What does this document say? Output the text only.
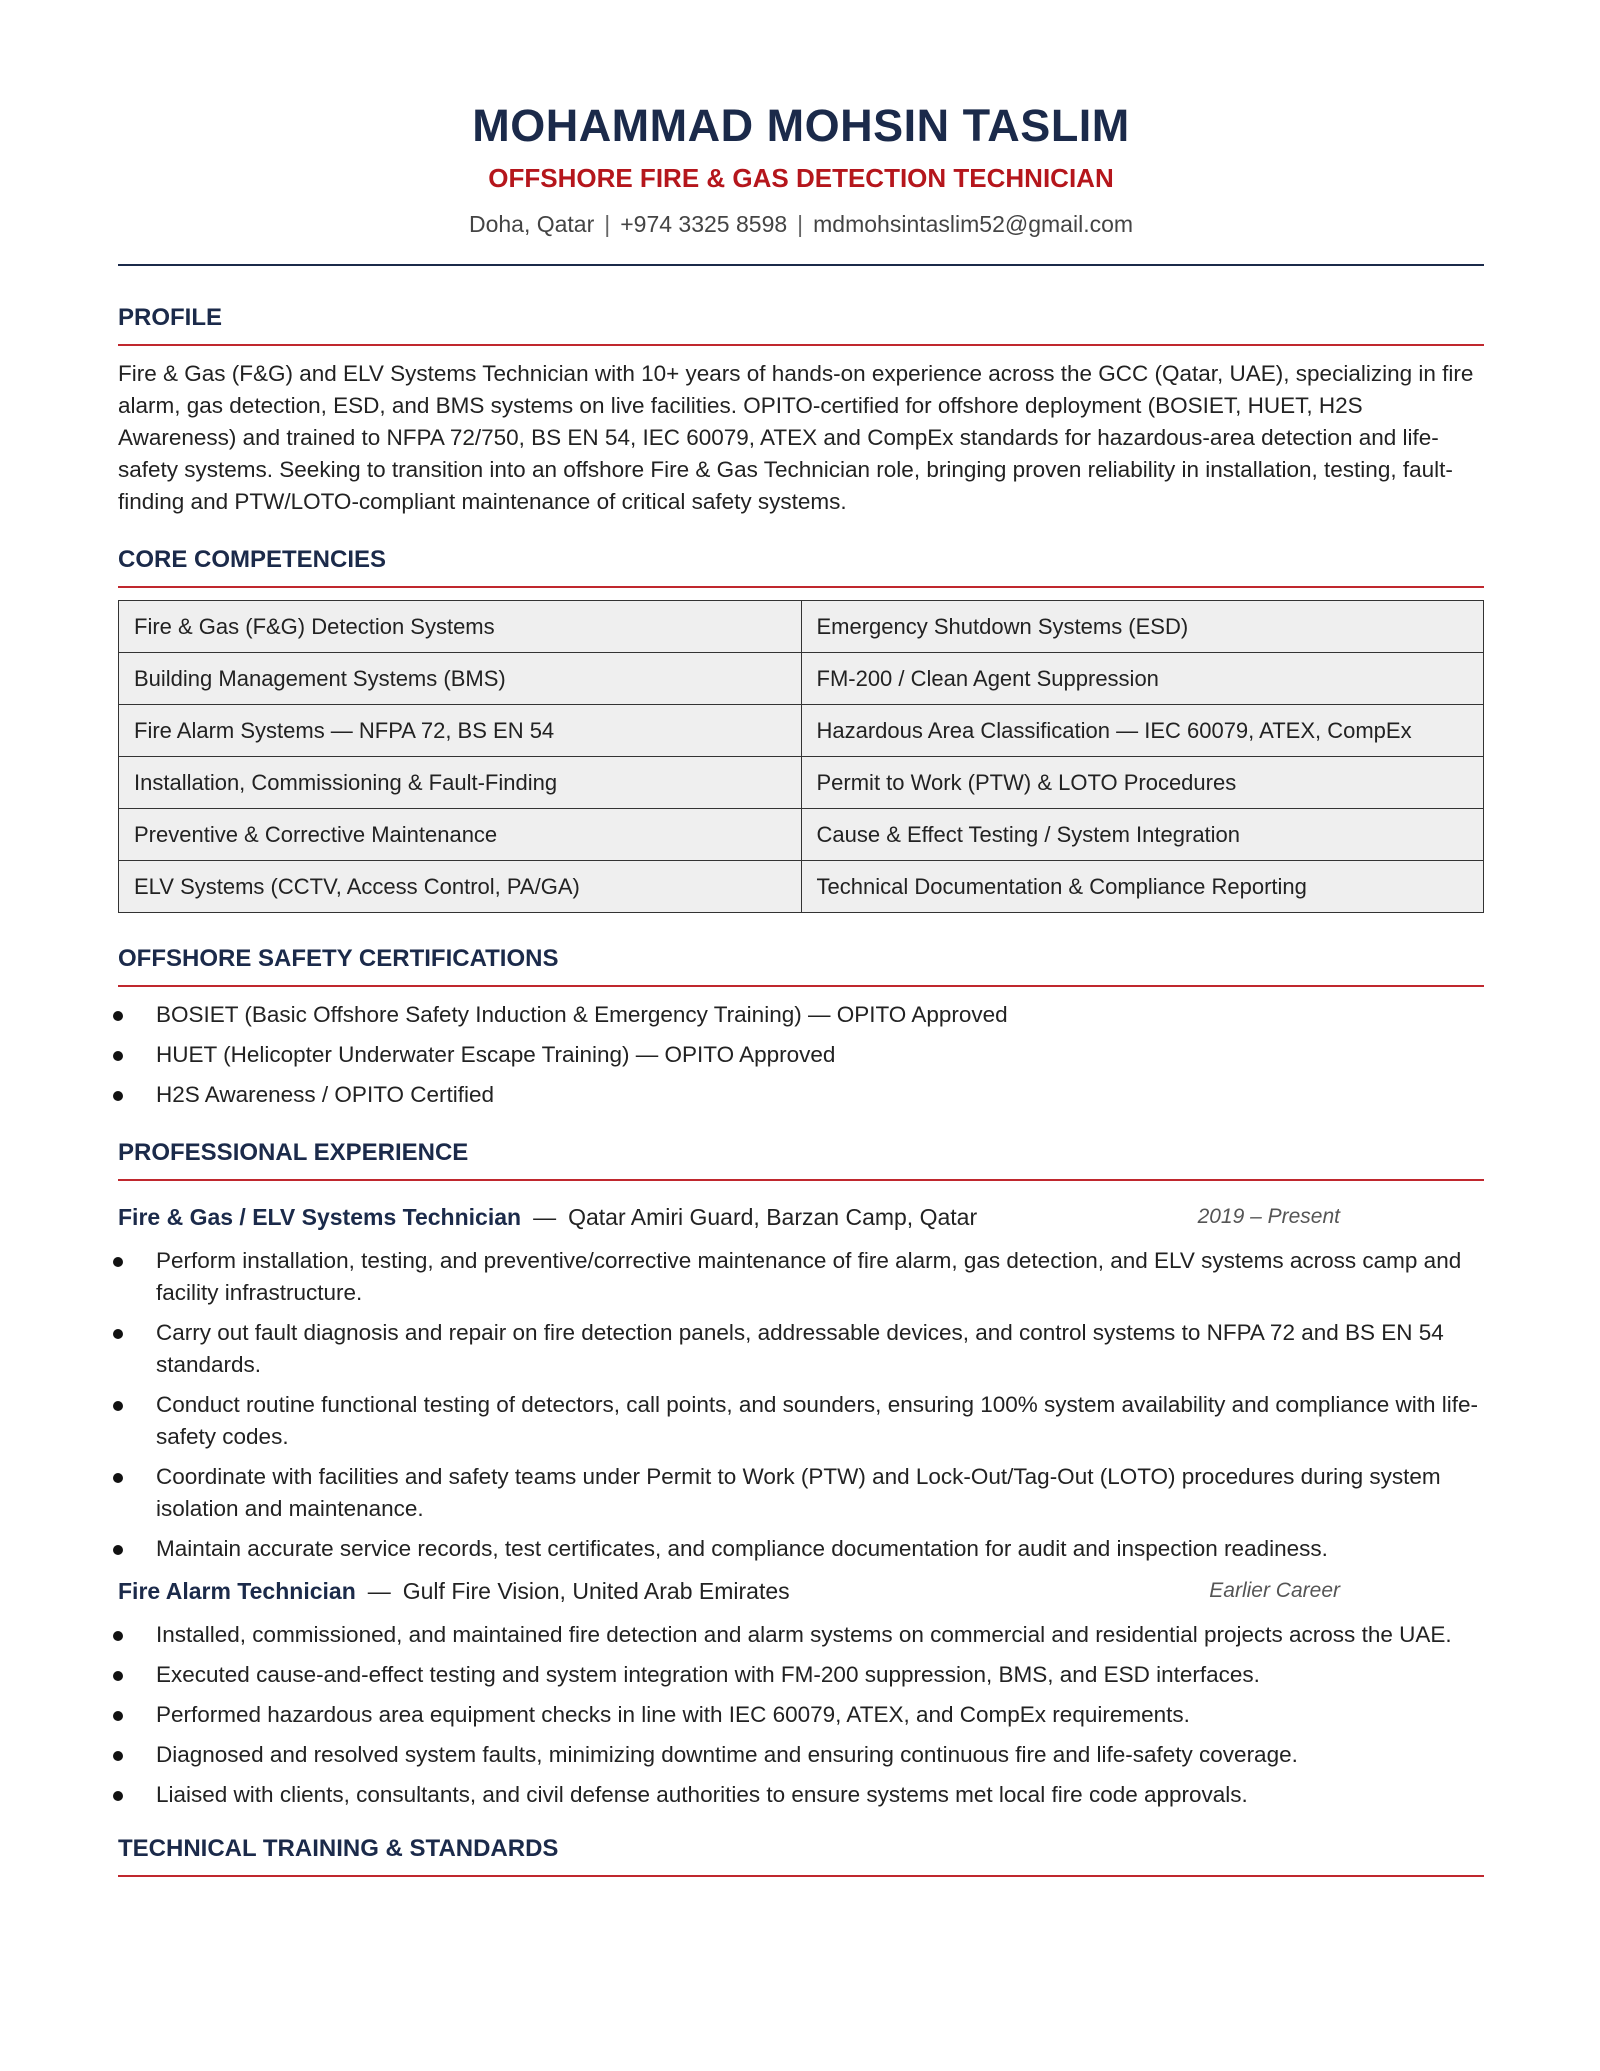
MOHAMMAD MOHSIN TASLIM
OFFSHORE FIRE & GAS DETECTION TECHNICIAN
Doha, Qatar | +974 3325 8598 | mdmohsintaslim52@gmail.com
PROFILE
Fire & Gas (F&G) and ELV Systems Technician with 10+ years of hands-on experience across the GCC (Qatar, UAE), specializing in fire alarm, gas detection, ESD, and BMS systems on live facilities. OPITO-certified for offshore deployment (BOSIET, HUET, H2S Awareness) and trained to NFPA 72/750, BS EN 54, IEC 60079, ATEX and CompEx standards for hazardous-area detection and life-safety systems. Seeking to transition into an offshore Fire & Gas Technician role, bringing proven reliability in installation, testing, fault-finding and PTW/LOTO-compliant maintenance of critical safety systems.
CORE COMPETENCIES
Fire & Gas (F&G) Detection Systems	Emergency Shutdown Systems (ESD)
Building Management Systems (BMS)	FM-200 / Clean Agent Suppression
Fire Alarm Systems — NFPA 72, BS EN 54	Hazardous Area Classification — IEC 60079, ATEX, CompEx
Installation, Commissioning & Fault-Finding	Permit to Work (PTW) & LOTO Procedures
Preventive & Corrective Maintenance	Cause & Effect Testing / System Integration
ELV Systems (CCTV, Access Control, PA/GA)	Technical Documentation & Compliance Reporting
OFFSHORE SAFETY CERTIFICATIONS
BOSIET (Basic Offshore Safety Induction & Emergency Training) — OPITO Approved
HUET (Helicopter Underwater Escape Training) — OPITO Approved
H2S Awareness / OPITO Certified
PROFESSIONAL EXPERIENCE
Fire & Gas / ELV Systems Technician — Qatar Amiri Guard, Barzan Camp, Qatar	2019 – Present
Perform installation, testing, and preventive/corrective maintenance of fire alarm, gas detection, and ELV systems across camp and facility infrastructure.
Carry out fault diagnosis and repair on fire detection panels, addressable devices, and control systems to NFPA 72 and BS EN 54 standards.
Conduct routine functional testing of detectors, call points, and sounders, ensuring 100% system availability and compliance with life-safety codes.
Coordinate with facilities and safety teams under Permit to Work (PTW) and Lock-Out/Tag-Out (LOTO) procedures during system isolation and maintenance.
Maintain accurate service records, test certificates, and compliance documentation for audit and inspection readiness.
Fire Alarm Technician — Gulf Fire Vision, United Arab Emirates	Earlier Career
Installed, commissioned, and maintained fire detection and alarm systems on commercial and residential projects across the UAE.
Executed cause-and-effect testing and system integration with FM-200 suppression, BMS, and ESD interfaces.
Performed hazardous area equipment checks in line with IEC 60079, ATEX, and CompEx requirements.
Diagnosed and resolved system faults, minimizing downtime and ensuring continuous fire and life-safety coverage.
Liaised with clients, consultants, and civil defense authorities to ensure systems met local fire code approvals.
TECHNICAL TRAINING & STANDARDS
